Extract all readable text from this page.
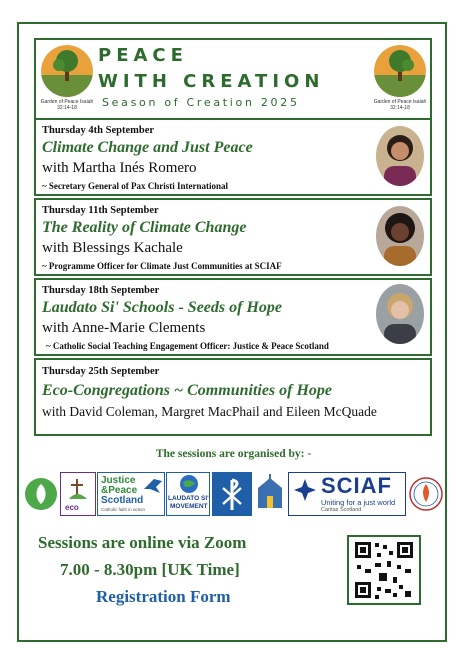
Garden of Peace Isaiah 32:14-18
PEACE
WITH CREATION
Season of Creation 2025	Garden of Peace Isaiah 32:14-18
Thursday 4th September
Climate Change and Just Peace
with Martha Inés Romero
~ Secretary General of Pax Christi International
Thursday 11th September
The Reality of Climate Change
with Blessings Kachale
~ Programme Officer for Climate Just Communities at SCIAF
Thursday 18th September
Laudato Si' Schools - Seeds of Hope
with Anne-Marie Clements
~ Catholic Social Teaching Engagement Officer: Justice & Peace Scotland
Thursday 25th September
Eco-Congregations ~ Communities of Hope
with David Coleman, Margret MacPhail and Eileen McQuade
The sessions are organised by: -
eco
Justice
&Peace
Scotland
Catholic faith in action
LAUDATO SI'
MOVEMENT
SCIAF
Uniting for a just world
Caritas Scotland
Sessions are online via Zoom
7.00 - 8.30pm [UK Time]
Registration Form
